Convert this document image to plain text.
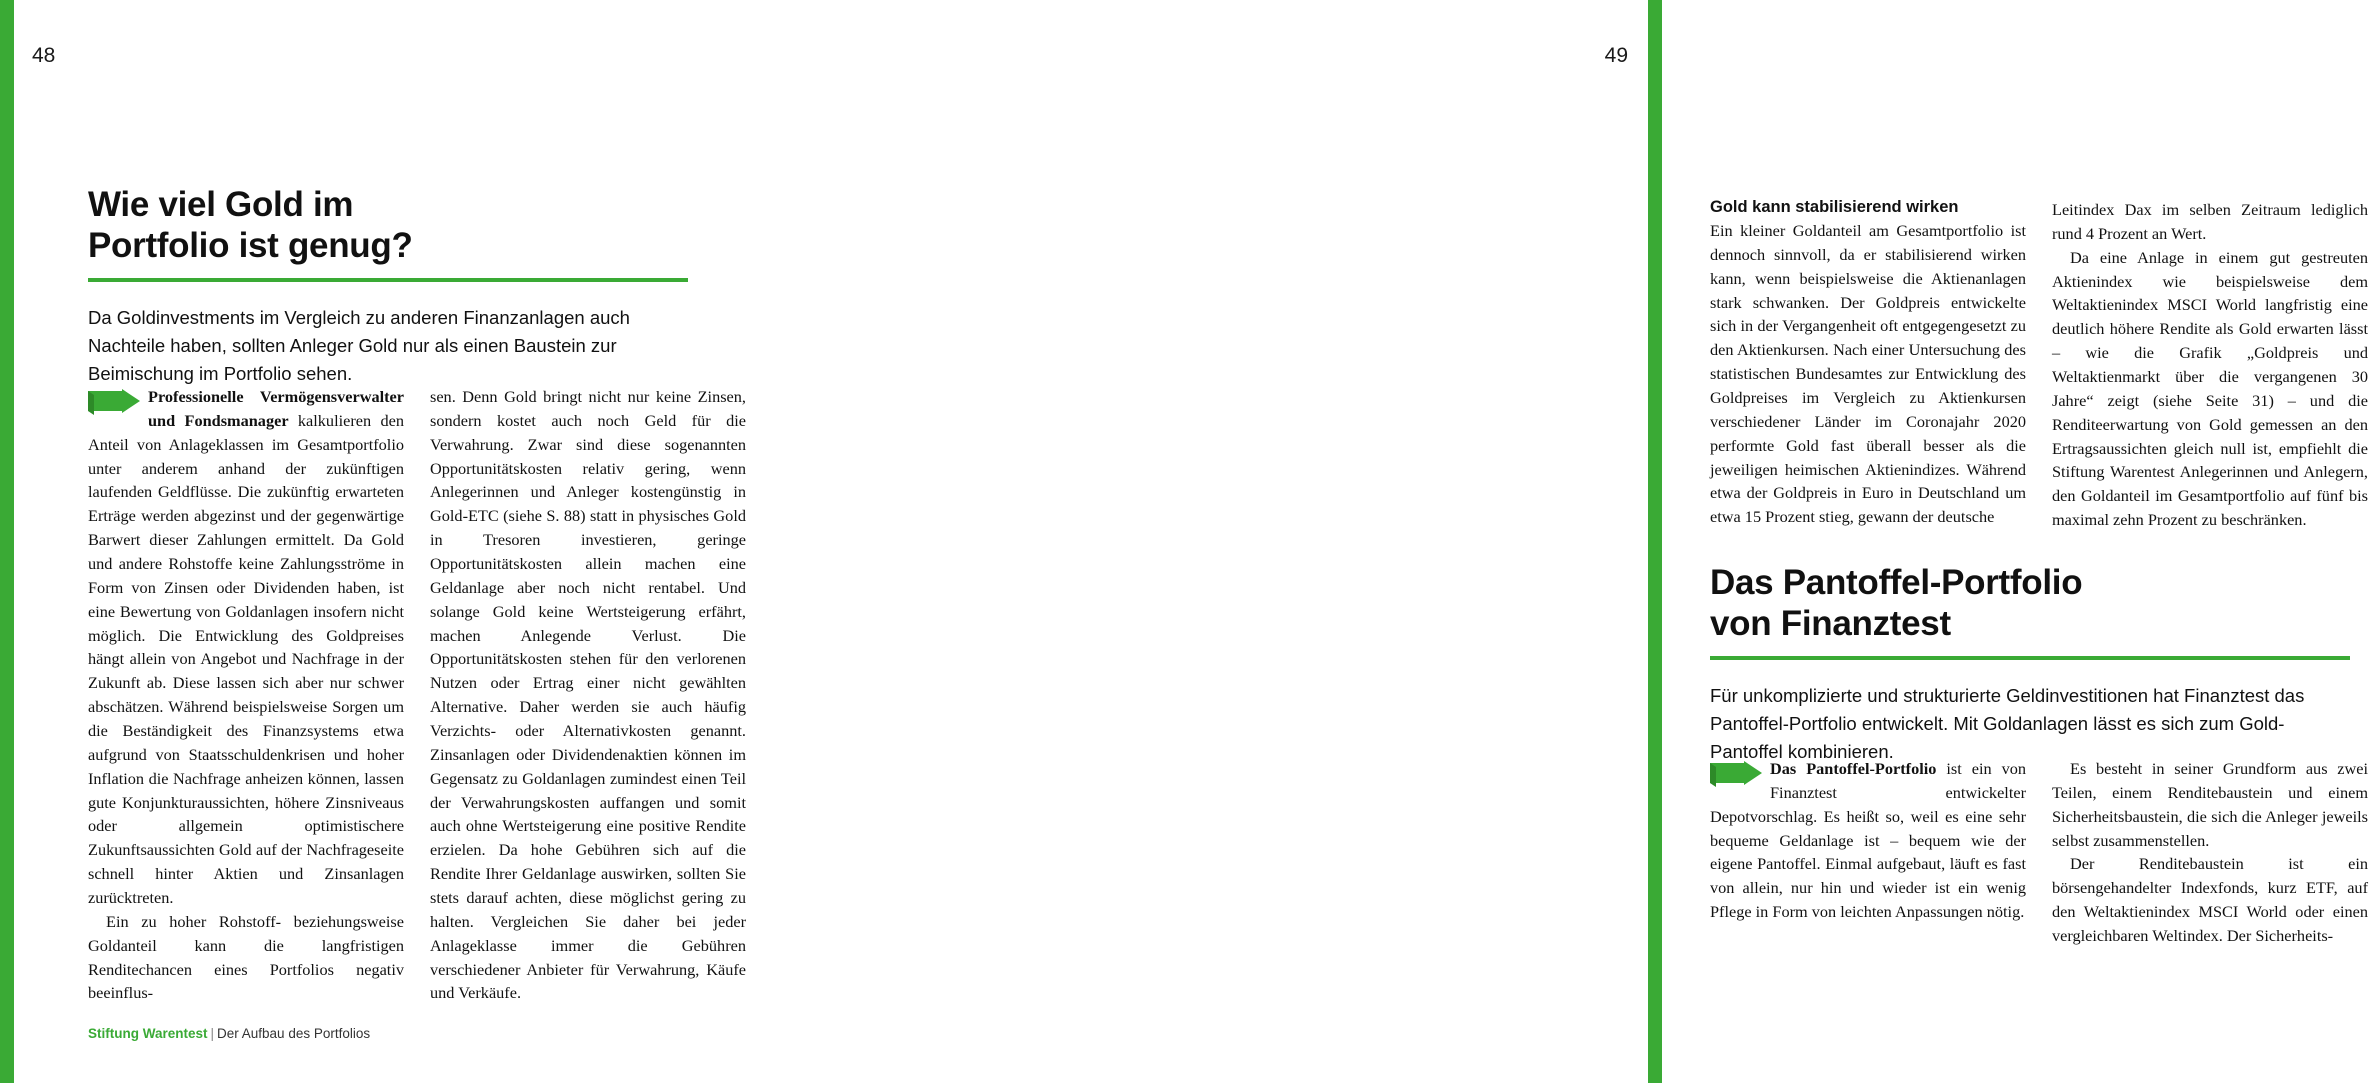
48	49
Wie viel Gold im
Portfolio ist genug?
Da Goldinvestments im Vergleich zu anderen Finanzanlagen auch Nachteile haben, sollten Anleger Gold nur als einen Baustein zur Beimischung im Portfolio sehen.

Professionelle Vermögensverwalter und Fondsmanager kalkulieren den Anteil von Anlageklassen im Gesamtportfolio unter anderem anhand der zukünftigen laufenden Geldflüsse. Die zukünftig erwarteten Erträge werden abgezinst und der gegenwärtige Barwert dieser Zahlungen ermittelt. Da Gold und andere Rohstoffe keine Zahlungsströme in Form von Zinsen oder Dividenden haben, ist eine Bewertung von Goldanlagen insofern nicht möglich. Die Entwicklung des Goldpreises hängt allein von Angebot und Nachfrage in der Zukunft ab. Diese lassen sich aber nur schwer abschätzen. Während beispielsweise Sorgen um die Beständigkeit des Finanzsystems etwa aufgrund von Staatsschuldenkrisen und hoher Inflation die Nachfrage anheizen können, lassen gute Konjunkturaussichten, höhere Zinsniveaus oder allgemein optimistischere Zukunftsaussichten Gold auf der Nachfrageseite schnell hinter Aktien und Zinsanlagen zurücktreten.

Ein zu hoher Rohstoff- beziehungsweise Goldanteil kann die langfristigen Renditechancen eines Portfolios negativ beeinflus-

sen. Denn Gold bringt nicht nur keine Zinsen, sondern kostet auch noch Geld für die Verwahrung. Zwar sind diese sogenannten Opportunitätskosten relativ gering, wenn Anlegerinnen und Anleger kostengünstig in Gold-ETC (siehe S. 88) statt in physisches Gold in Tresoren investieren, geringe Opportunitätskosten allein machen eine Geldanlage aber noch nicht rentabel. Und solange Gold keine Wertsteigerung erfährt, machen Anlegende Verlust. Die Opportunitätskosten stehen für den verlorenen Nutzen oder Ertrag einer nicht gewählten Alternative. Daher werden sie auch häufig Verzichts- oder Alternativkosten genannt. Zinsanlagen oder Dividendenaktien können im Gegensatz zu Goldanlagen zumindest einen Teil der Verwahrungskosten auffangen und somit auch ohne Wertsteigerung eine positive Rendite erzielen. Da hohe Gebühren sich auf die Rendite Ihrer Geldanlage auswirken, sollten Sie stets darauf achten, diese möglichst gering zu halten. Vergleichen Sie daher bei jeder Anlageklasse immer die Gebühren verschiedener Anbieter für Verwahrung, Käufe und Verkäufe.

Stiftung Warentest | Der Aufbau des Portfolios
Gold kann stabilisierend wirken

Ein kleiner Goldanteil am Gesamtportfolio ist dennoch sinnvoll, da er stabilisierend wirken kann, wenn beispielsweise die Aktienanlagen stark schwanken. Der Goldpreis entwickelte sich in der Vergangenheit oft entgegengesetzt zu den Aktienkursen. Nach einer Untersuchung des statistischen Bundesamtes zur Entwicklung des Goldpreises im Vergleich zu Aktienkursen verschiedener Länder im Coronajahr 2020 performte Gold fast überall besser als die jeweiligen heimischen Aktienindizes. Während etwa der Goldpreis in Euro in Deutschland um etwa 15 Prozent stieg, gewann der deutsche

Leitindex Dax im selben Zeitraum lediglich rund 4 Prozent an Wert.

Da eine Anlage in einem gut gestreuten Aktienindex wie beispielsweise dem Weltaktienindex MSCI World langfristig eine deutlich höhere Rendite als Gold erwarten lässt – wie die Grafik „Goldpreis und Weltaktienmarkt über die vergangenen 30 Jahre“ zeigt (siehe Seite 31) – und die Renditeerwartung von Gold gemessen an den Ertragsaussichten gleich null ist, empfiehlt die Stiftung Warentest Anlegerinnen und Anlegern, den Goldanteil im Gesamtportfolio auf fünf bis maximal zehn Prozent zu beschränken.

Das Pantoffel-Portfolio
von Finanztest
Für unkomplizierte und strukturierte Geldinvestitionen hat Finanztest das Pantoffel-Portfolio entwickelt. Mit Goldanlagen lässt es sich zum Gold-Pantoffel kombinieren.

Das Pantoffel-Portfolio ist ein von Finanztest entwickelter Depotvorschlag. Es heißt so, weil es eine sehr bequeme Geldanlage ist – bequem wie der eigene Pantoffel. Einmal aufgebaut, läuft es fast von allein, nur hin und wieder ist ein wenig Pflege in Form von leichten Anpassungen nötig.

Es besteht in seiner Grundform aus zwei Teilen, einem Renditebaustein und einem Sicherheitsbaustein, die sich die Anleger jeweils selbst zusammenstellen.

Der Renditebaustein ist ein börsengehandelter Indexfonds, kurz ETF, auf den Weltaktienindex MSCI World oder einen vergleichbaren Weltindex. Der Sicherheits-
